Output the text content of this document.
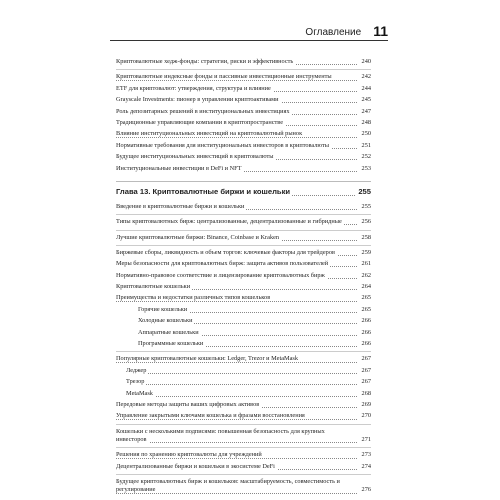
Оглавление 11
Криптовалютные хедж-фонды: стратегии, риски и эффективность	240
Криптовалютные индексные фонды и пассивные инвестиционные инструменты	242
ETF для криптовалют: утверждения, структура и влияние	244
Grayscale Investments: пионер в управлении криптоактивами	245
Роль депозитарных решений в институциональных инвестициях	247
Традиционные управляющие компании в криптопространстве	248
Влияние институциональных инвестиций на криптовалютный рынок	250
Нормативные требования для институциональных инвесторов в криптовалюты	251
Будущее институциональных инвестиций в криптовалюты	252
Институциональные инвестиции в DeFi и NFT	253
Глава 13. Криптовалютные биржи и кошельки	255
Введение в криптовалютные биржи и кошельки	255
Типы криптовалютных бирж: централизованные, децентрализованные и гибридные	256
Лучшие криптовалютные биржи: Binance, Coinbase и Kraken	258
Биржевые сборы, ликвидность и объем торгов: ключевые факторы для трейдеров	259
Меры безопасности для криптовалютных бирж: защита активов пользователей	261
Нормативно-правовое соответствие и лицензирование криптовалютных бирж	262
Криптовалютные кошельки	264
Преимущества и недостатки различных типов кошельков	265
Горячие кошельки	265
Холодные кошельки	266
Аппаратные кошельки	266
Программные кошельки	266
Популярные криптовалютные кошельки: Ledger, Trezor и MetaMask	267
Леджер	267
Трезор	267
MetaMask	268
Передовые методы защиты ваших цифровых активов	269
Управление закрытыми ключами кошелька и фразами восстановления	270
Кошельки с несколькими подписями: повышенная безопасность для крупных инвесторов	271
Решения по хранению криптовалюты для учреждений	273
Децентрализованные биржи и кошельки в экосистеме DeFi	274
Будущее криптовалютных бирж и кошельков: масштабируемость, совместимость и регулирование	276
